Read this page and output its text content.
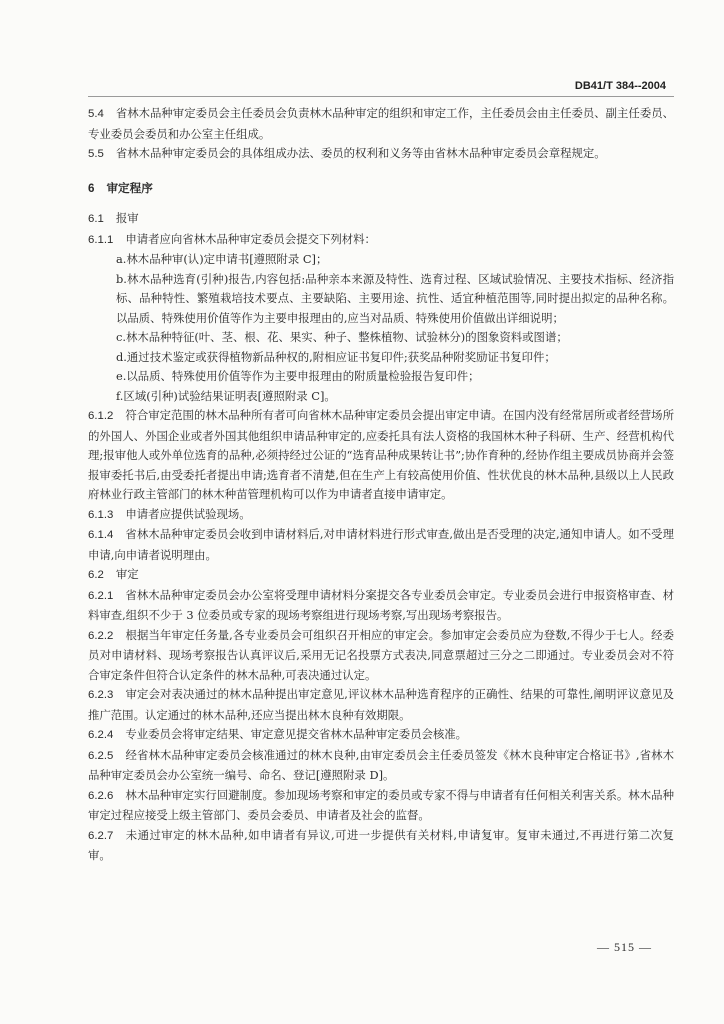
DB41/T 384--2004

5.4 省林木品种审定委员会主任委员会负责林木品种审定的组织和审定工作，主任委员会由主任委员、副主任委员、专业委员会委员和办公室主任组成。

5.5 省林木品种审定委员会的具体组成办法、委员的权利和义务等由省林木品种审定委员会章程规定。

6 审定程序

6.1 报审

6.1.1 申请者应向省林木品种审定委员会提交下列材料：

a.林木品种审(认)定申请书[遵照附录 C]；

b.林木品种选育(引种)报告,内容包括:品种亲本来源及特性、选育过程、区域试验情况、主要技术指标、经济指标、品种特性、繁殖栽培技术要点、主要缺陷、主要用途、抗性、适宜种植范围等,同时提出拟定的品种名称。以品质、特殊使用价值等作为主要申报理由的,应当对品质、特殊使用价值做出详细说明；

c.林木品种特征(叶、茎、根、花、果实、种子、整株植物、试验林分)的图象资料或图谱；

d.通过技术鉴定或获得植物新品种权的,附相应证书复印件;获奖品种附奖励证书复印件；

e.以品质、特殊使用价值等作为主要申报理由的附质量检验报告复印件；

f.区域(引种)试验结果证明表[遵照附录 C]。

6.1.2 符合审定范围的林木品种所有者可向省林木品种审定委员会提出审定申请。在国内没有经常居所或者经营场所的外国人、外国企业或者外国其他组织申请品种审定的,应委托具有法人资格的我国林木种子科研、生产、经营机构代理;报审他人或外单位选育的品种,必须持经过公证的“选育品种成果转让书”;协作育种的,经协作组主要成员协商并会签报审委托书后,由受委托者提出申请;选育者不清楚,但在生产上有较高使用价值、性状优良的林木品种,县级以上人民政府林业行政主管部门的林木种苗管理机构可以作为申请者直接申请审定。

6.1.3 申请者应提供试验现场。

6.1.4 省林木品种审定委员会收到申请材料后,对申请材料进行形式审查,做出是否受理的决定,通知申请人。如不受理申请,向申请者说明理由。

6.2 审定

6.2.1 省林木品种审定委员会办公室将受理申请材料分案提交各专业委员会审定。专业委员会进行申报资格审查、材料审查,组织不少于 3 位委员或专家的现场考察组进行现场考察,写出现场考察报告。

6.2.2 根据当年审定任务量,各专业委员会可组织召开相应的审定会。参加审定会委员应为登数,不得少于七人。经委员对申请材料、现场考察报告认真评议后,采用无记名投票方式表决,同意票超过三分之二即通过。专业委员会对不符合审定条件但符合认定条件的林木品种,可表决通过认定。

6.2.3 审定会对表决通过的林木品种提出审定意见,评议林木品种选育程序的正确性、结果的可靠性,阐明评议意见及推广范围。认定通过的林木品种,还应当提出林木良种有效期限。

6.2.4 专业委员会将审定结果、审定意见提交省林木品种审定委员会核准。

6.2.5 经省林木品种审定委员会核准通过的林木良种,由审定委员会主任委员签发《林木良种审定合格证书》,省林木品种审定委员会办公室统一编号、命名、登记[遵照附录 D]。

6.2.6 林木品种审定实行回避制度。参加现场考察和审定的委员或专家不得与申请者有任何相关利害关系。林木品种审定过程应接受上级主管部门、委员会委员、申请者及社会的监督。

6.2.7 未通过审定的林木品种,如申请者有异议,可进一步提供有关材料,申请复审。复审未通过,不再进行第二次复审。

— 515 —
